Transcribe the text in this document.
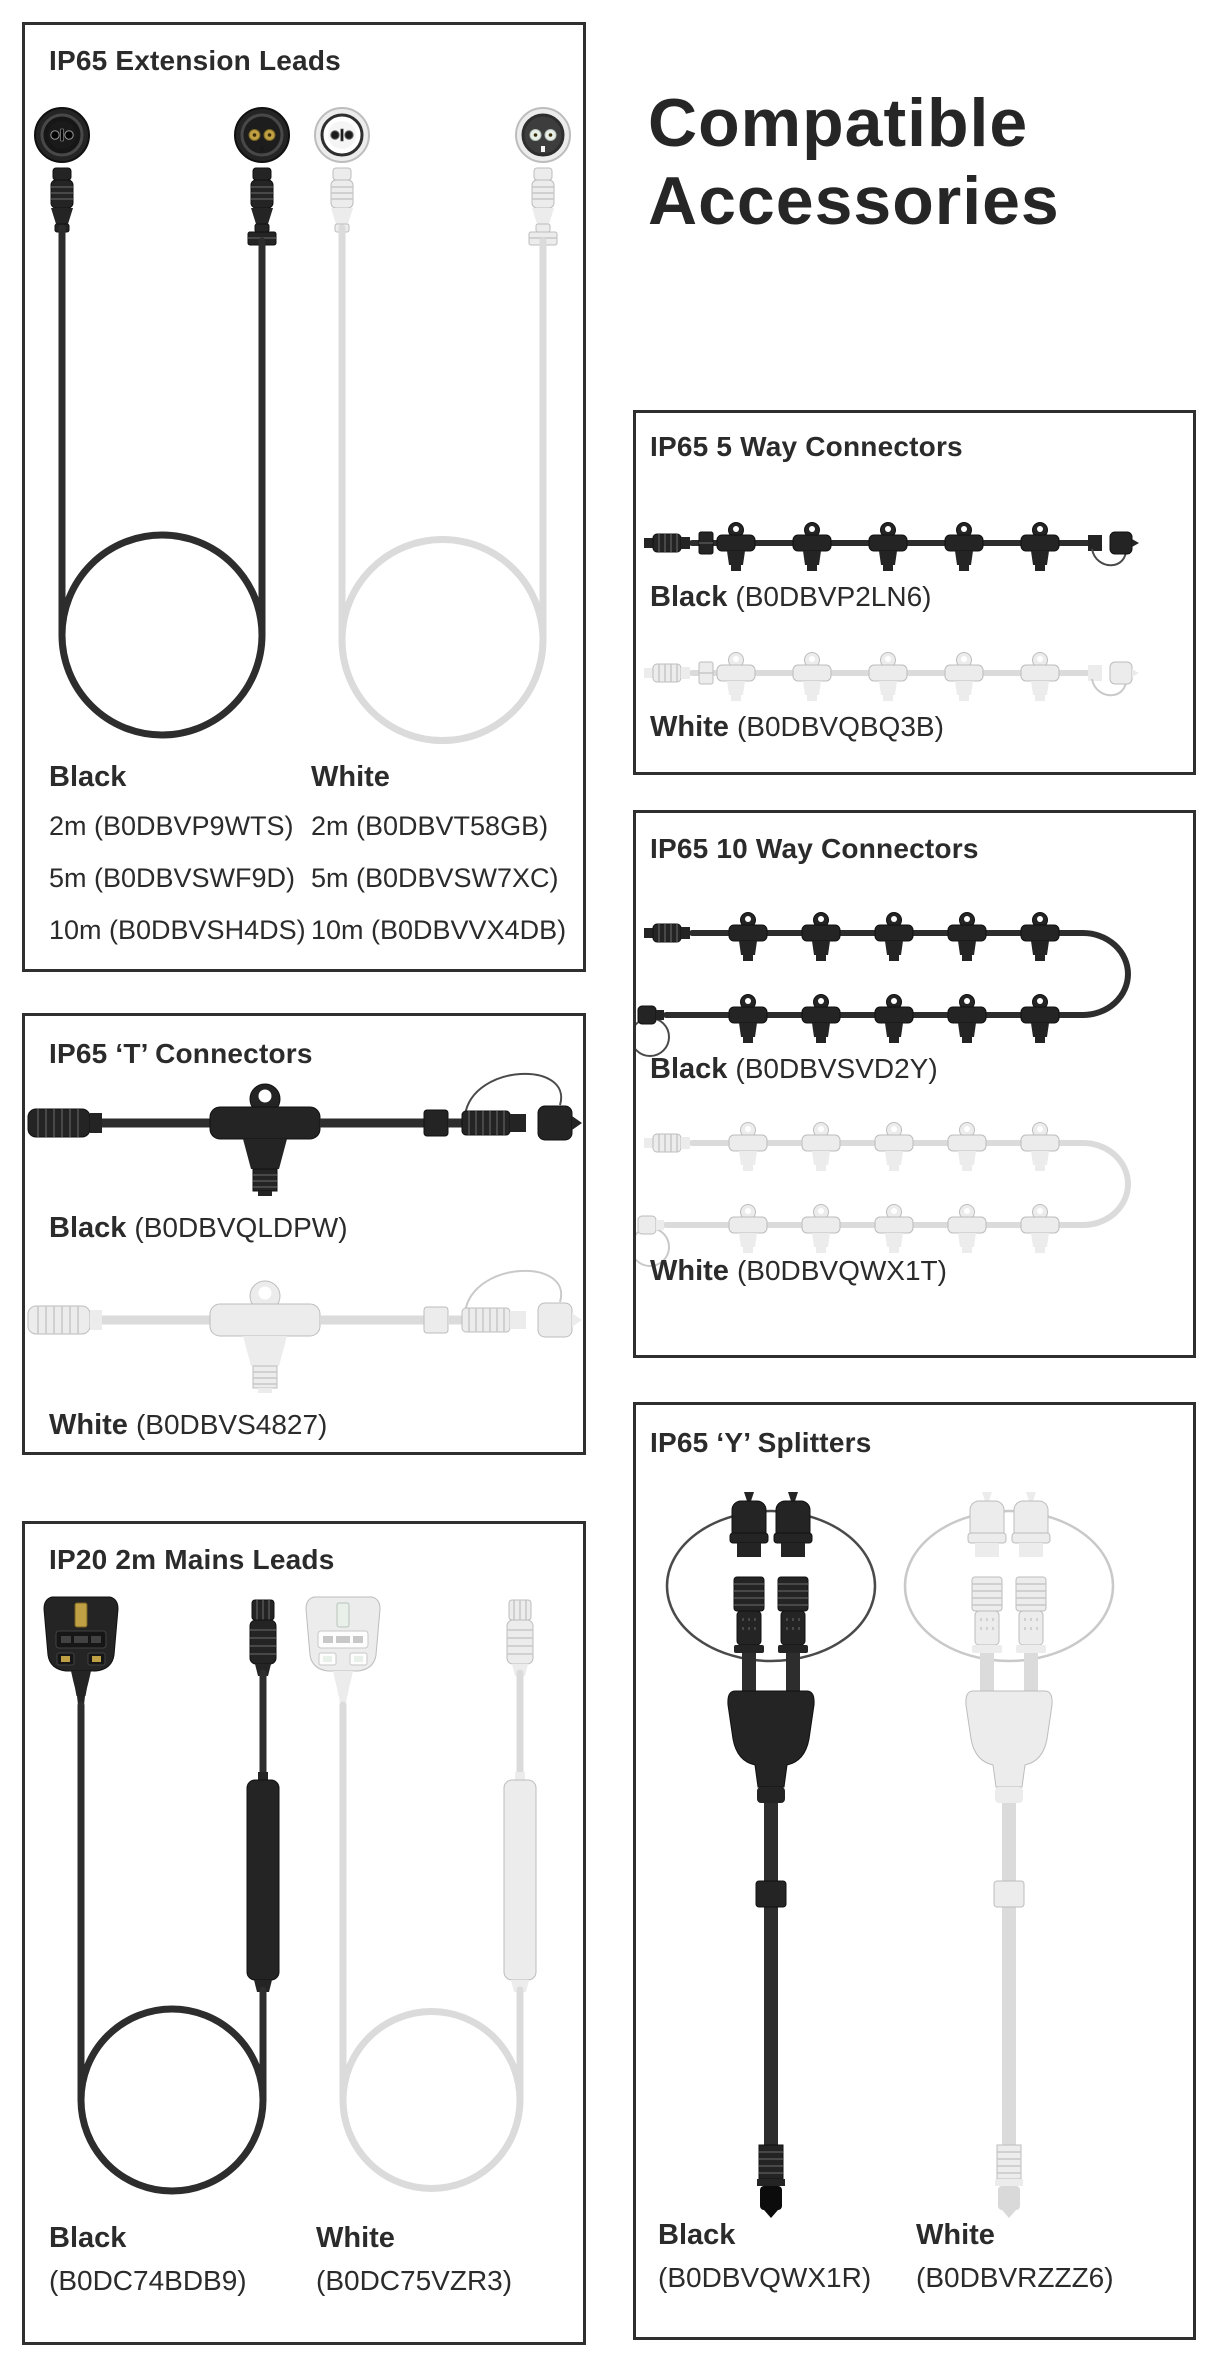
Compatible
Accessories
IP65 Extension Leads
Black
2m (B0DBVP9WTS)
5m (B0DBVSWF9D)
10m (B0DBVSH4DS)
White
2m (B0DBVT58GB)
5m (B0DBVSW7XC)
10m (B0DBVVX4DB)
IP65 ‘T’ Connectors
Black (B0DBVQLDPW)
White (B0DBVS4827)
IP20 2m Mains Leads
Black
(B0DC74BDB9)
White
(B0DC75VZR3)
IP65 5 Way Connectors
Black (B0DBVP2LN6)
White (B0DBVQBQ3B)
IP65 10 Way Connectors
Black (B0DBVSVD2Y)
White (B0DBVQWX1T)
IP65 ‘Y’ Splitters
Black
(B0DBVQWX1R)
White
(B0DBVRZZZ6)
